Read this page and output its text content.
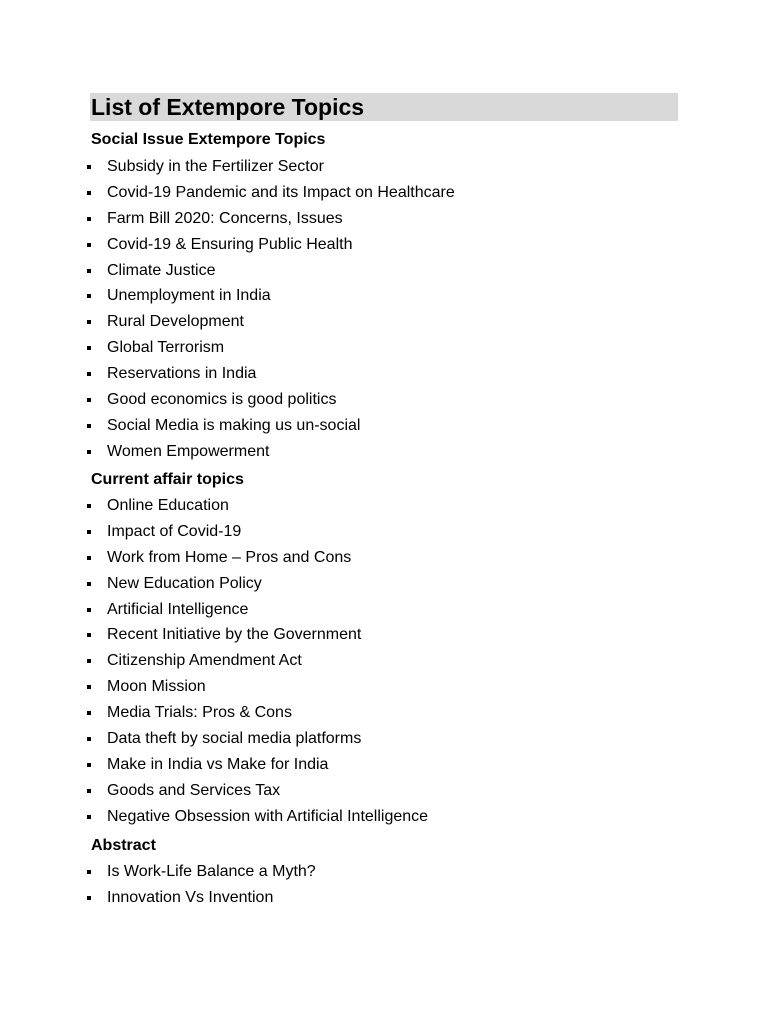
List of Extempore Topics
Social Issue Extempore Topics
Subsidy in the Fertilizer Sector
Covid-19 Pandemic and its Impact on Healthcare
Farm Bill 2020: Concerns, Issues
Covid-19 & Ensuring Public Health
Climate Justice
Unemployment in India
Rural Development
Global Terrorism
Reservations in India
Good economics is good politics
Social Media is making us un-social
Women Empowerment
Current affair topics
Online Education
Impact of Covid-19
Work from Home – Pros and Cons
New Education Policy
Artificial Intelligence
Recent Initiative by the Government
Citizenship Amendment Act
Moon Mission
Media Trials: Pros & Cons
Data theft by social media platforms
Make in India vs Make for India
Goods and Services Tax
Negative Obsession with Artificial Intelligence
Abstract
Is Work-Life Balance a Myth?
Innovation Vs Invention
